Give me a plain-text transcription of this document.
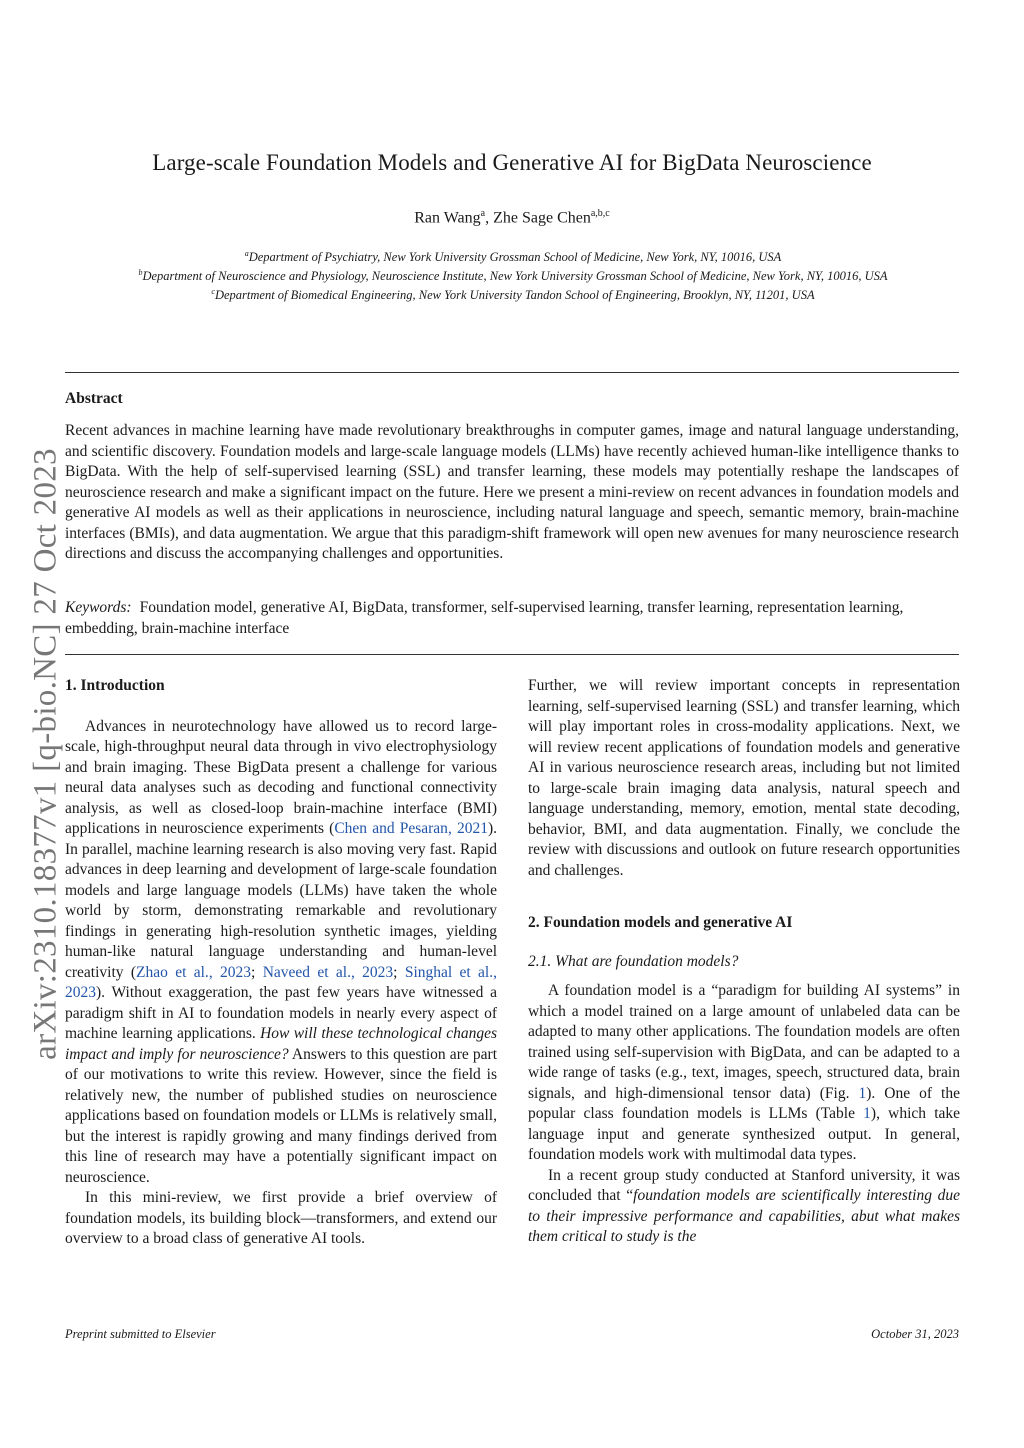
arXiv:2310.18377v1 [q-bio.NC] 27 Oct 2023
Large-scale Foundation Models and Generative AI for BigData Neuroscience
Ran Wang$^a$, Zhe Sage Chen$^{a,b,c}$
$^a$Department of Psychiatry, New York University Grossman School of Medicine, New York, NY, 10016, USA
$^b$Department of Neuroscience and Physiology, Neuroscience Institute, New York University Grossman School of Medicine, New York, NY, 10016, USA
$^c$Department of Biomedical Engineering, New York University Tandon School of Engineering, Brooklyn, NY, 11201, USA
Abstract
Recent advances in machine learning have made revolutionary breakthroughs in computer games, image and natural language understanding, and scientific discovery. Foundation models and large-scale language models (LLMs) have recently achieved human-like intelligence thanks to BigData. With the help of self-supervised learning (SSL) and transfer learning, these models may potentially reshape the landscapes of neuroscience research and make a significant impact on the future. Here we present a mini-review on recent advances in foundation models and generative AI models as well as their applications in neuroscience, including natural language and speech, semantic memory, brain-machine interfaces (BMIs), and data augmentation. We argue that this paradigm-shift framework will open new avenues for many neuroscience research directions and discuss the accompanying challenges and opportunities.
Keywords: Foundation model, generative AI, BigData, transformer, self-supervised learning, transfer learning, representation learning, embedding, brain-machine interface
1. Introduction

Advances in neurotechnology have allowed us to record large-scale, high-throughput neural data through in vivo electrophysiology and brain imaging. These BigData present a challenge for various neural data analyses such as decoding and functional connectivity analysis, as well as closed-loop brain-machine interface (BMI) applications in neuroscience experiments (Chen and Pesaran, 2021). In parallel, machine learning research is also moving very fast. Rapid advances in deep learning and development of large-scale foundation models and large language models (LLMs) have taken the whole world by storm, demonstrating remarkable and revolutionary findings in generating high-resolution synthetic images, yielding human-like natural language understanding and human-level creativity (Zhao et al., 2023; Naveed et al., 2023; Singhal et al., 2023). Without exaggeration, the past few years have witnessed a paradigm shift in AI to foundation models in nearly every aspect of machine learning applications. How will these technological changes impact and imply for neuroscience? Answers to this question are part of our motivations to write this review. However, since the field is relatively new, the number of published studies on neuroscience applications based on foundation models or LLMs is relatively small, but the interest is rapidly growing and many findings derived from this line of research may have a potentially significant impact on neuroscience.

In this mini-review, we first provide a brief overview of foundation models, its building block—transformers, and extend our overview to a broad class of generative AI tools.

Further, we will review important concepts in representation learning, self-supervised learning (SSL) and transfer learning, which will play important roles in cross-modality applications. Next, we will review recent applications of foundation models and generative AI in various neuroscience research areas, including but not limited to large-scale brain imaging data analysis, natural speech and language understanding, memory, emotion, mental state decoding, behavior, BMI, and data augmentation. Finally, we conclude the review with discussions and outlook on future research opportunities and challenges.

2. Foundation models and generative AI
2.1. What are foundation models?

A foundation model is a “paradigm for building AI systems” in which a model trained on a large amount of unlabeled data can be adapted to many other applications. The foundation models are often trained using self-supervision with BigData, and can be adapted to a wide range of tasks (e.g., text, images, speech, structured data, brain signals, and high-dimensional tensor data) (Fig. 1). One of the popular class foundation models is LLMs (Table 1), which take language input and generate synthesized output. In general, foundation models work with multimodal data types.

In a recent group study conducted at Stanford university, it was concluded that “foundation models are scientifically interesting due to their impressive performance and capabilities, abut what makes them critical to study is the

Preprint submitted to Elsevier	October 31, 2023
